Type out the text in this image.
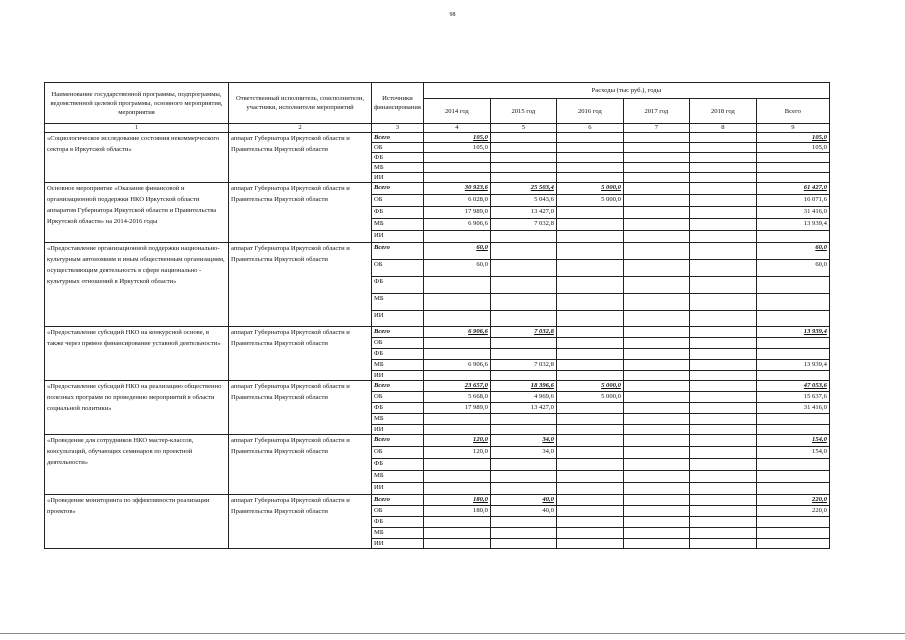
98
Наименование государственной программы, подпрограммы, ведомственной целевой программы, основного мероприятия, мероприятия	Ответственный исполнитель, соисполнители, участники, исполнители мероприятий	Источники финансирования	Расходы (тыс руб.), годы					
			2014 год	2015 год	2016 год	2017 год	2018 год	Всего
1	2	3	4	5	6	7	8	9
«Социологическое исследование состояния некоммерческого сектора в Иркутской области»	аппарат Губернатора Иркутской области и Правительства Иркутской области	Всего	105,0					105,0
		ОБ	105,0					105,0
		ФБ						
		МБ						
		ИИ						
Основное мероприятие «Оказание финансовой и организационной поддержки НКО Иркутской области аппаратом Губернатора Иркутской области и Правительства Иркутской области» на 2014-2016 годы	аппарат Губернатора Иркутской области и Правительства Иркутской области	Всего	30 923,6	25 503,4	5 000,0			61 427,0
		ОБ	6 028,0	5 043,6	5 000,0			16 071,6
		ФБ	17 989,0	13 427,0				31 416,0
		МБ	6 906,6	7 032,8				13 939,4
		ИИ						
«Предоставление организационной поддержки национально-культурным автономиям и иным общественным организациям, осуществляющим деятельность в сфере национально - культурных отношений в Иркутской области»	аппарат Губернатора Иркутской области и Правительства Иркутской области	Всего	60,0					60,0
		ОБ	60,0					60,0
		ФБ						
		МБ						
		ИИ						
«Предоставление субсидий НКО на конкурсной основе, в также через прямое финансирование уставной деятельности»	аппарат Губернатора Иркутской области и Правительства Иркутской области	Всего	6 906,6	7 032,8				13 939,4
		ОБ						
		ФБ						
		МБ	6 906,6	7 032,8				13 939,4
		ИИ						
«Предоставление субсидий НКО на реализацию общественно полезных программ по проведению мероприятий в области социальной политики»	аппарат Губернатора Иркутской области и Правительства Иркутской области	Всего	23 657,0	18 396,6	5 000,0			47 053,6
		ОБ	5 668,0	4 969,6	5 000,0			15 637,6
		ФБ	17 989,0	13 427,0				31 416,0
		МБ						
		ИИ						
«Проведение для сотрудников НКО мастер-классов, консультаций, обучающих семинаров по проектной деятельности»	аппарат Губернатора Иркутской области и Правительства Иркутской области	Всего	120,0	34,0				154,0
		ОБ	120,0	34,0				154,0
		ФБ						
		МБ						
		ИИ						
«Проведение мониторинга по эффективности реализации проектов»	аппарат Губернатора Иркутской области и Правительства Иркутской области	Всего	180,0	40,0				220,0
		ОБ	180,0	40,0				220,0
		ФБ						
		МБ						
		ИИ						
